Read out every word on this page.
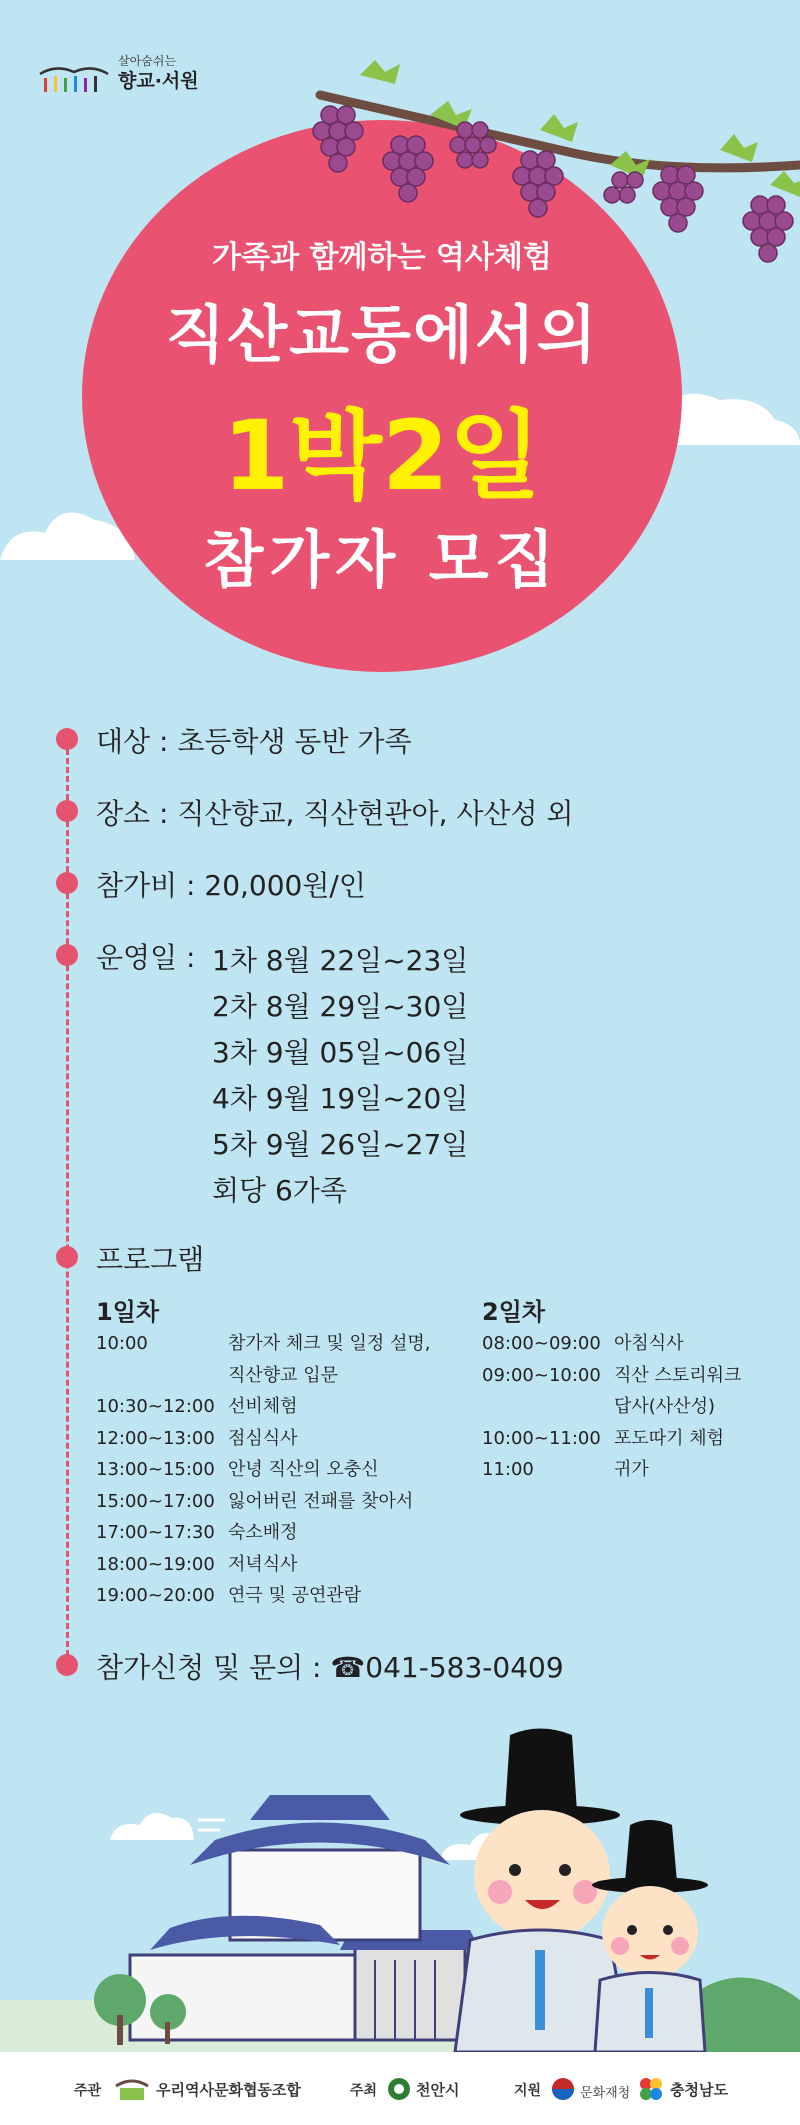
살아숨쉬는
향교·서원
가족과 함께하는 역사체험
직산교동에서의
1박2일
참가자 모집
대상 : 초등학생 동반 가족
장소 : 직산향교, 직산현관아, 사산성 외
참가비 : 20,000원/인
운영일 : 1차 8월 22일~23일
2차 8월 29일~30일
3차 9월 05일~06일
4차 9월 19일~20일
5차 9월 26일~27일
회당 6가족
프로그램
1일차
10:00	참가자 체크 및 일정 설명,
직산향교 입문
10:30~12:00 선비체험
12:00~13:00 점심식사
13:00~15:00 안녕 직산의 오충신
15:00~17:00 잃어버린 전패를 찾아서
17:00~17:30 숙소배정
18:00~19:00 저녁식사
19:00~20:00 연극 및 공연관람
2일차
08:00~09:00 아침식사
09:00~10:00 직산 스토리워크
답사(사산성)
10:00~11:00 포도따기 체험
11:00	귀가
참가신청 및 문의 : ☎041-583-0409
주관	우리역사문화협동조합	주최	천안시	지원	문화재청	충청남도
